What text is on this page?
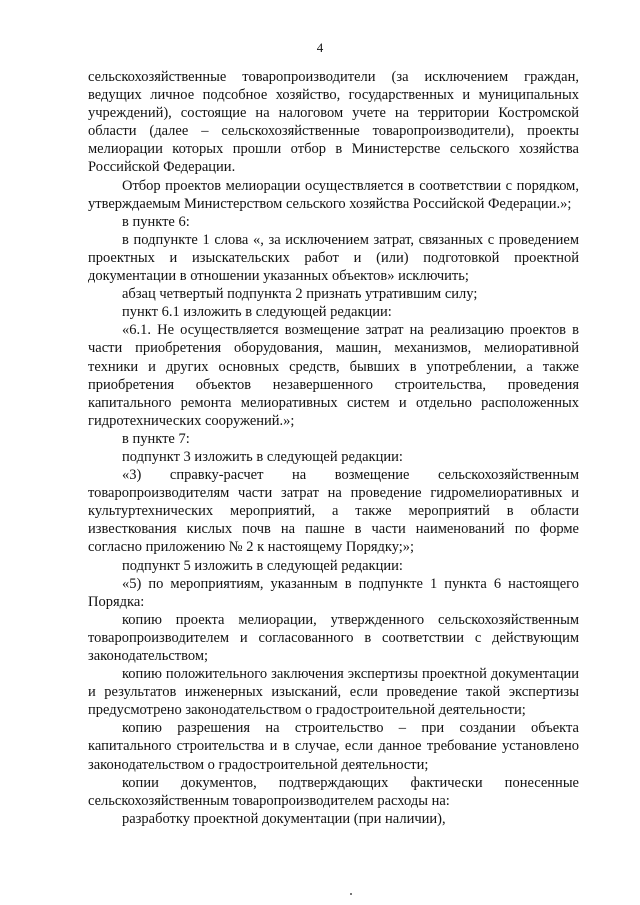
4

сельскохозяйственные товаропроизводители (за исключением граждан, ведущих личное подсобное хозяйство, государственных и муниципальных учреждений), состоящие на налоговом учете на территории Костромской области (далее – сельскохозяйственные товаропроизводители), проекты мелиорации которых прошли отбор в Министерстве сельского хозяйства Российской Федерации.

Отбор проектов мелиорации осуществляется в соответствии с порядком, утверждаемым Министерством сельского хозяйства Российской Федерации.»;

в пункте 6:

в подпункте 1 слова «, за исключением затрат, связанных с проведением проектных и изыскательских работ и (или) подготовкой проектной документации в отношении указанных объектов» исключить;

абзац четвертый подпункта 2 признать утратившим силу;

пункт 6.1 изложить в следующей редакции:

«6.1. Не осуществляется возмещение затрат на реализацию проектов в части приобретения оборудования, машин, механизмов, мелиоративной техники и других основных средств, бывших в употреблении, а также приобретения объектов незавершенного строительства, проведения капитального ремонта мелиоративных систем и отдельно расположенных гидротехнических сооружений.»;

в пункте 7:

подпункт 3 изложить в следующей редакции:

«3) справку-расчет на возмещение сельскохозяйственным товаропроизводителям части затрат на проведение гидромелиоративных и культуртехнических мероприятий, а также мероприятий в области известкования кислых почв на пашне в части наименований по форме согласно приложению № 2 к настоящему Порядку;»;

подпункт 5 изложить в следующей редакции:

«5) по мероприятиям, указанным в подпункте 1 пункта 6 настоящего Порядка:

копию проекта мелиорации, утвержденного сельскохозяйственным товаропроизводителем и согласованного в соответствии с действующим законодательством;

копию положительного заключения экспертизы проектной документации и результатов инженерных изысканий, если проведение такой экспертизы предусмотрено законодательством о градостроительной деятельности;

копию разрешения на строительство – при создании объекта капитального строительства и в случае, если данное требование установлено законодательством о градостроительной деятельности;

копии документов, подтверждающих фактически понесенные сельскохозяйственным товаропроизводителем расходы на:

разработку проектной документации (при наличии),
